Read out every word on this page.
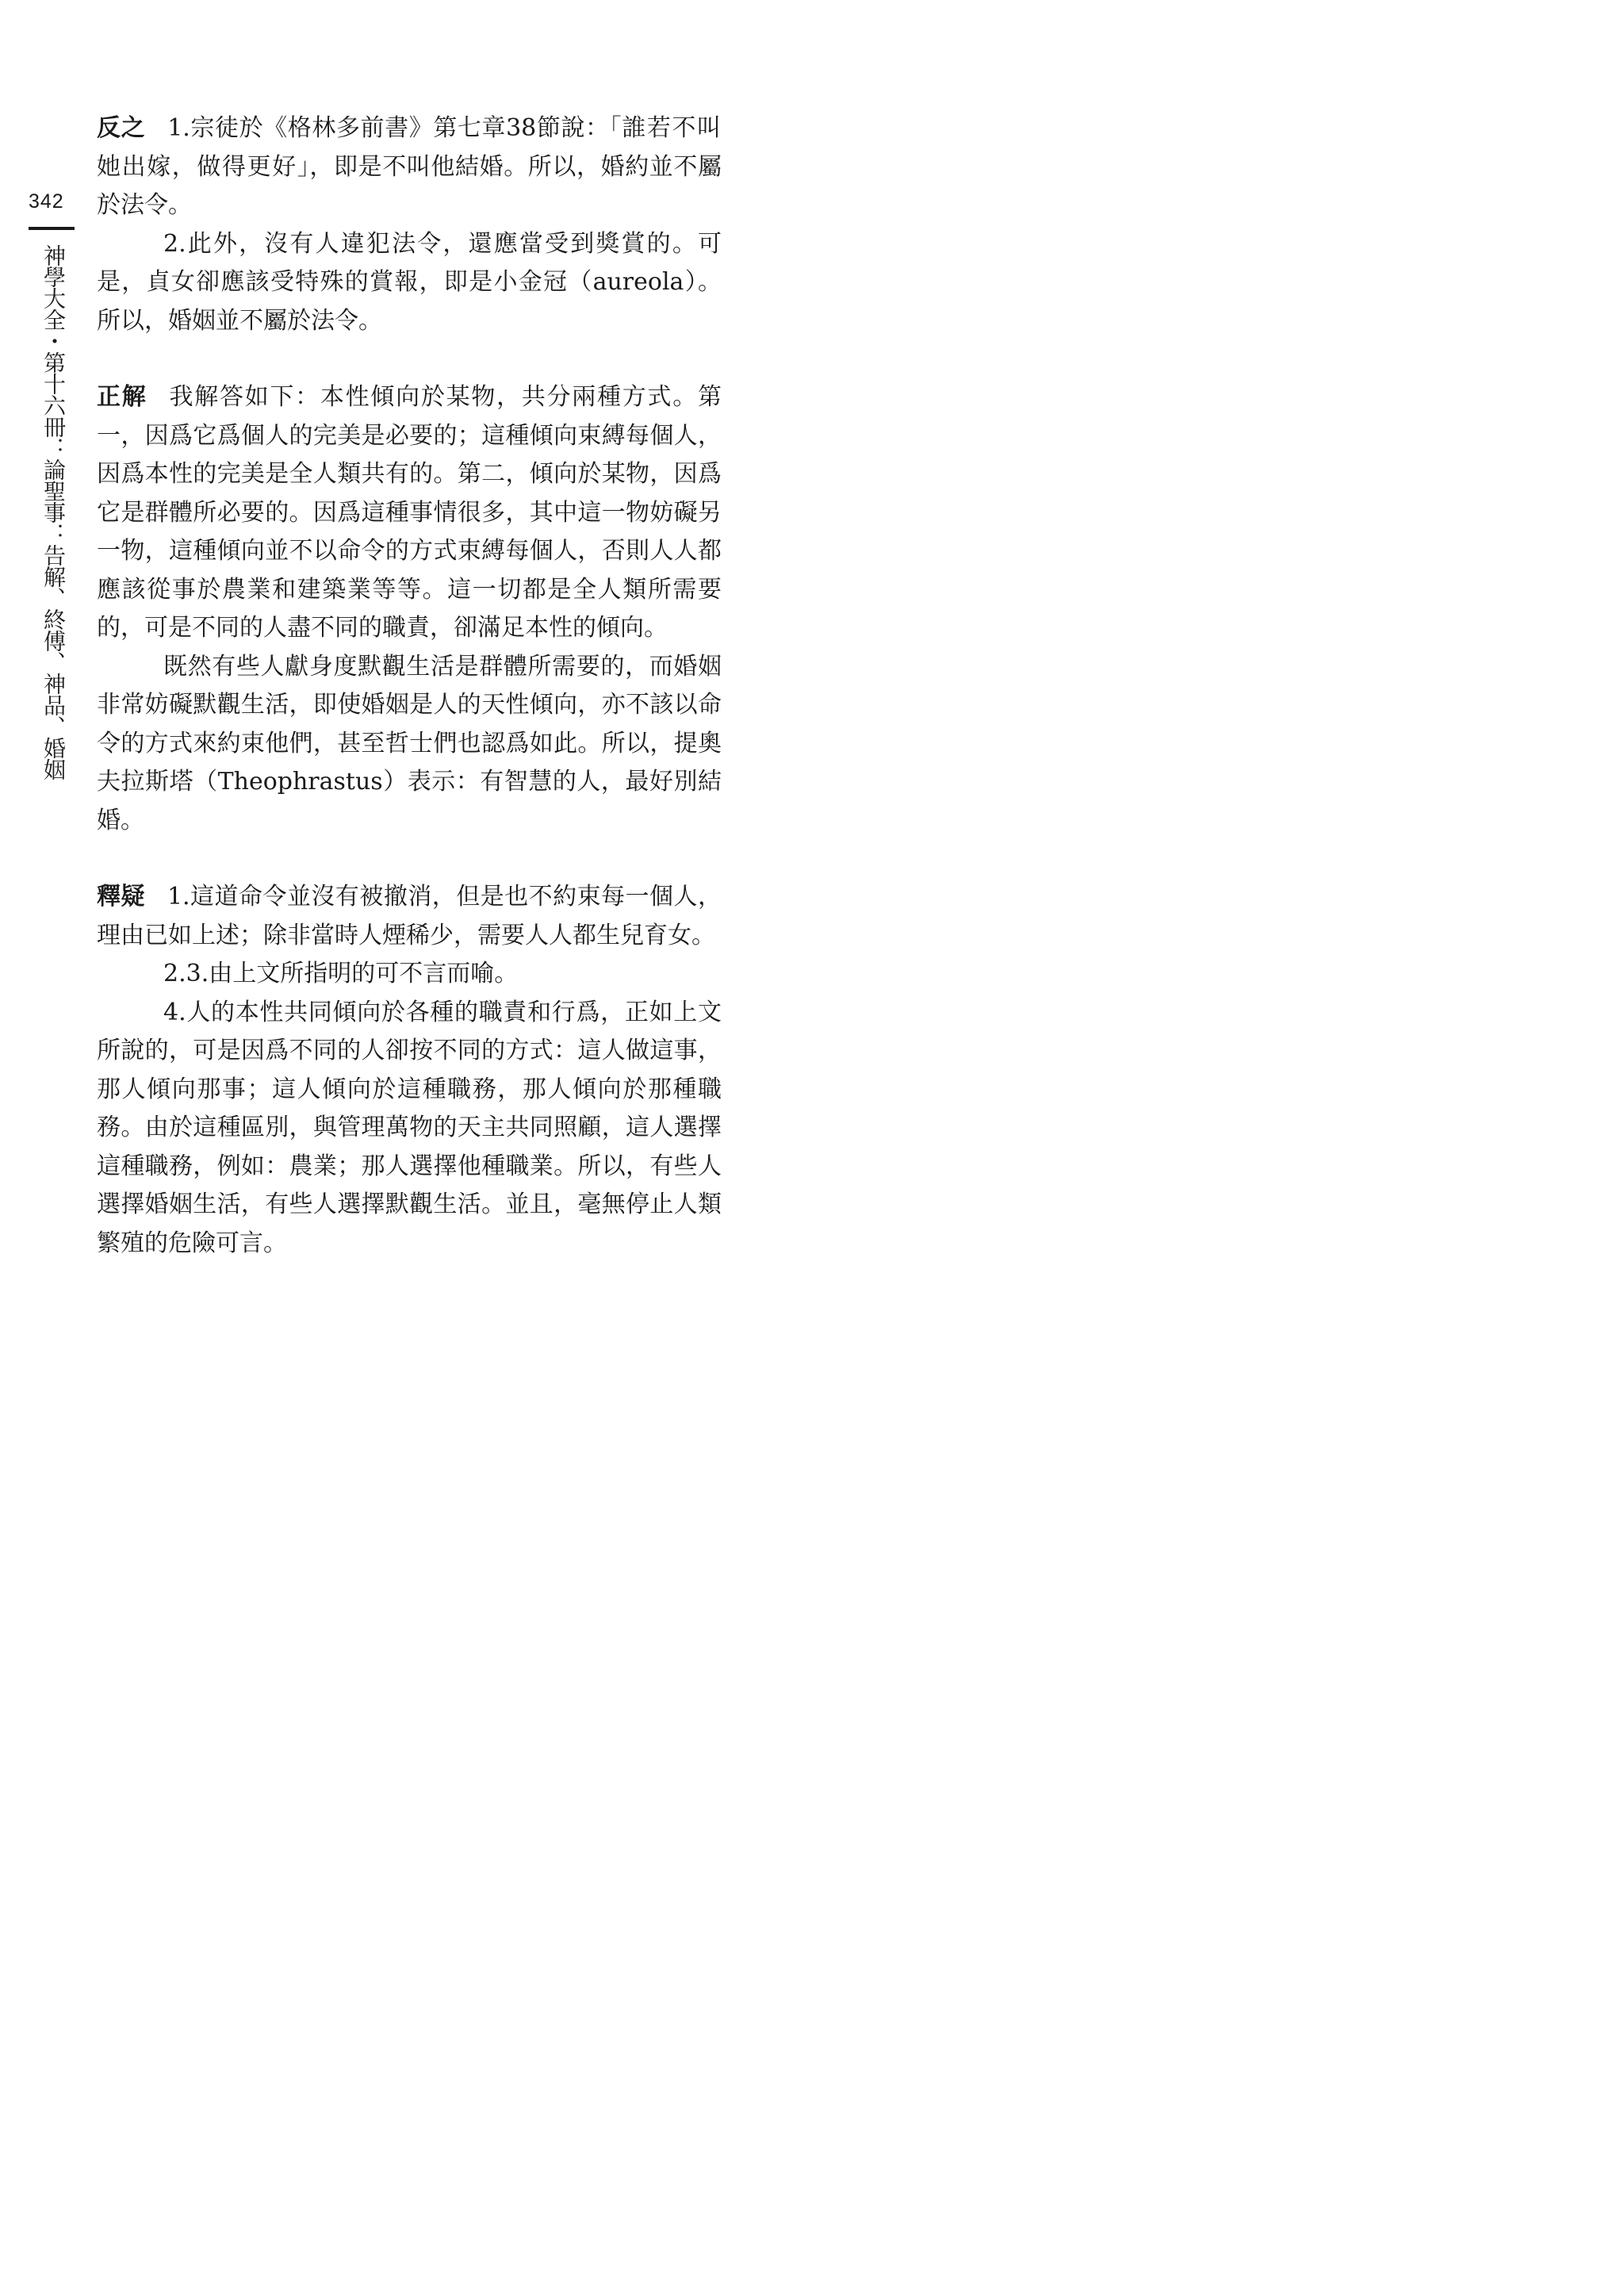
342
神學大全・第十六冊：論聖事：告解、終傅、神品、婚姻

反之 1.宗徒於《格林多前書》第七章38節說：「誰若不叫她出嫁，做得更好」，即是不叫他結婚。所以，婚約並不屬於法令。

2.此外，沒有人違犯法令，還應當受到獎賞的。可是，貞女卻應該受特殊的賞報，即是小金冠（aureola）。所以，婚姻並不屬於法令。

正解 我解答如下：本性傾向於某物，共分兩種方式。第一，因爲它爲個人的完美是必要的；這種傾向束縛每個人，因爲本性的完美是全人類共有的。第二，傾向於某物，因爲它是群體所必要的。因爲這種事情很多，其中這一物妨礙另一物，這種傾向並不以命令的方式束縛每個人，否則人人都應該從事於農業和建築業等等。這一切都是全人類所需要的，可是不同的人盡不同的職責，卻滿足本性的傾向。

既然有些人獻身度默觀生活是群體所需要的，而婚姻非常妨礙默觀生活，即使婚姻是人的天性傾向，亦不該以命令的方式來約束他們，甚至哲士們也認爲如此。所以，提奧夫拉斯塔（Theophrastus）表示：有智慧的人，最好別結婚。

釋疑 1.這道命令並沒有被撤消，但是也不約束每一個人，理由已如上述；除非當時人煙稀少，需要人人都生兒育女。

2.3.由上文所指明的可不言而喻。

4.人的本性共同傾向於各種的職責和行爲，正如上文所說的，可是因爲不同的人卻按不同的方式：這人做這事，那人傾向那事；這人傾向於這種職務，那人傾向於那種職務。由於這種區別，與管理萬物的天主共同照顧，這人選擇這種職務，例如：農業；那人選擇他種職業。所以，有些人選擇婚姻生活，有些人選擇默觀生活。並且，毫無停止人類繁殖的危險可言。
